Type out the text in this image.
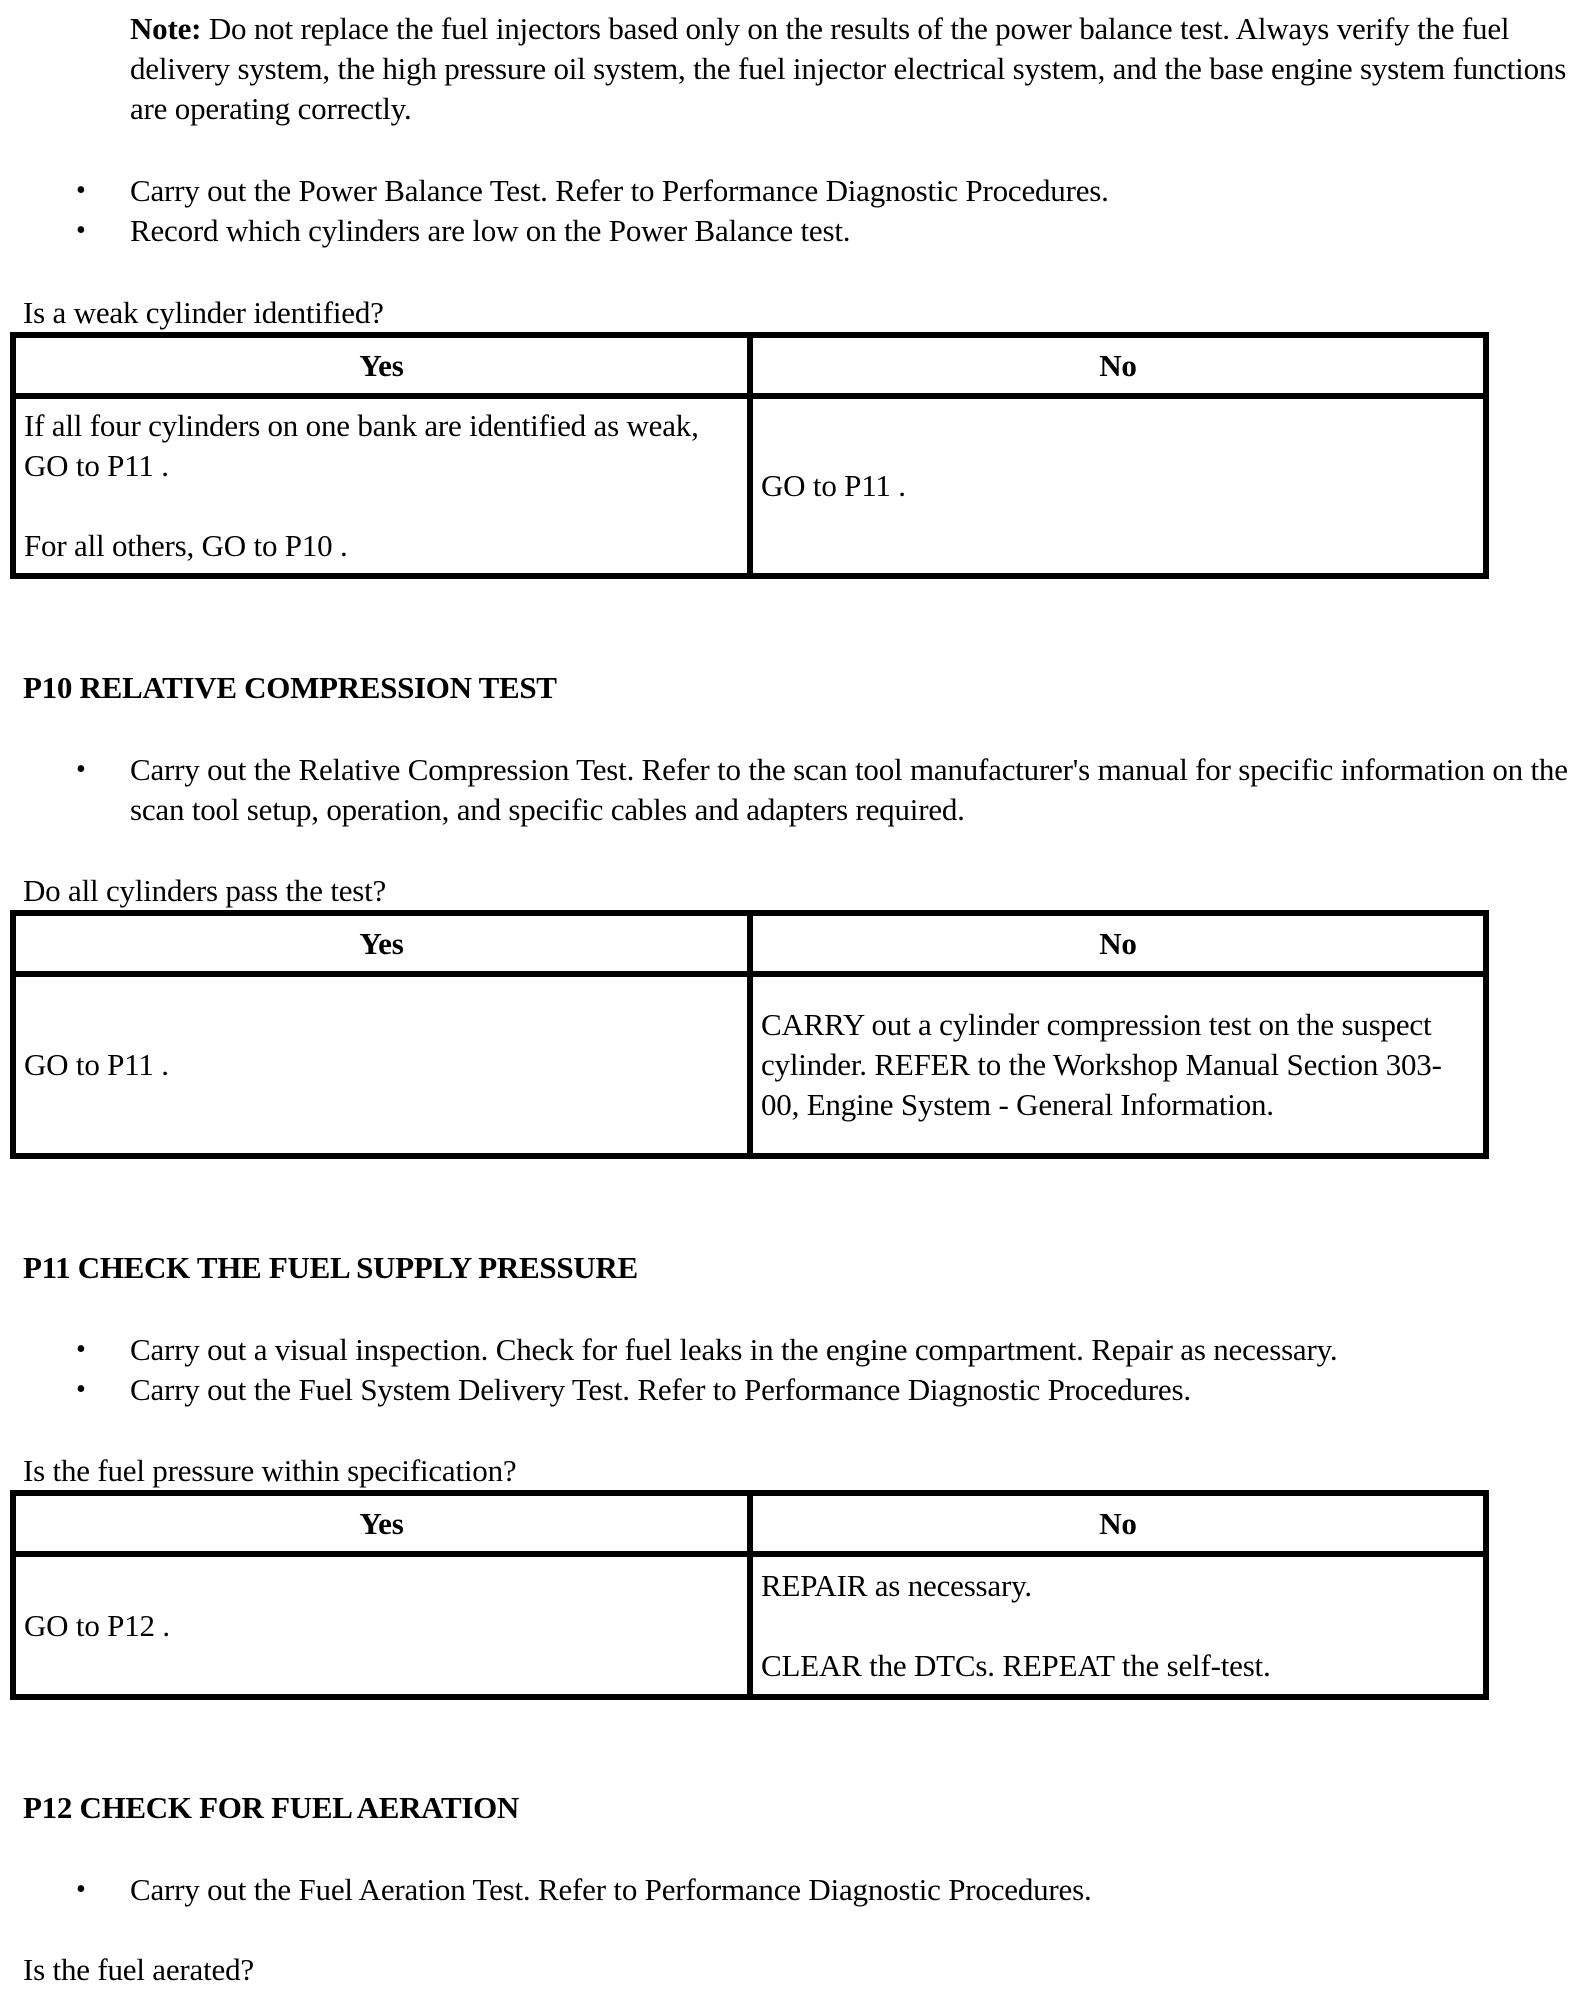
Note: Do not replace the fuel injectors based only on the results of the power balance test. Always verify the fuel delivery system, the high pressure oil system, the fuel injector electrical system, and the base engine system functions are operating correctly.
• Carry out the Power Balance Test. Refer to Performance Diagnostic Procedures.
• Record which cylinders are low on the Power Balance test.
Is a weak cylinder identified?
Yes	No

If all four cylinders on one bank are identified as weak, GO to P11 .
For all others, GO to P10 .	GO to P11 .
P10 RELATIVE COMPRESSION TEST
• Carry out the Relative Compression Test. Refer to the scan tool manufacturer's manual for specific information on the scan tool setup, operation, and specific cables and adapters required.
Do all cylinders pass the test?
Yes	No

GO to P11 .	CARRY out a cylinder compression test on the suspect cylinder. REFER to the Workshop Manual Section 303-00, Engine System - General Information.
P11 CHECK THE FUEL SUPPLY PRESSURE
• Carry out a visual inspection. Check for fuel leaks in the engine compartment. Repair as necessary.
• Carry out the Fuel System Delivery Test. Refer to Performance Diagnostic Procedures.
Is the fuel pressure within specification?
Yes	No

GO to P12 .	REPAIR as necessary.
CLEAR the DTCs. REPEAT the self-test.
P12 CHECK FOR FUEL AERATION
• Carry out the Fuel Aeration Test. Refer to Performance Diagnostic Procedures.
Is the fuel aerated?
